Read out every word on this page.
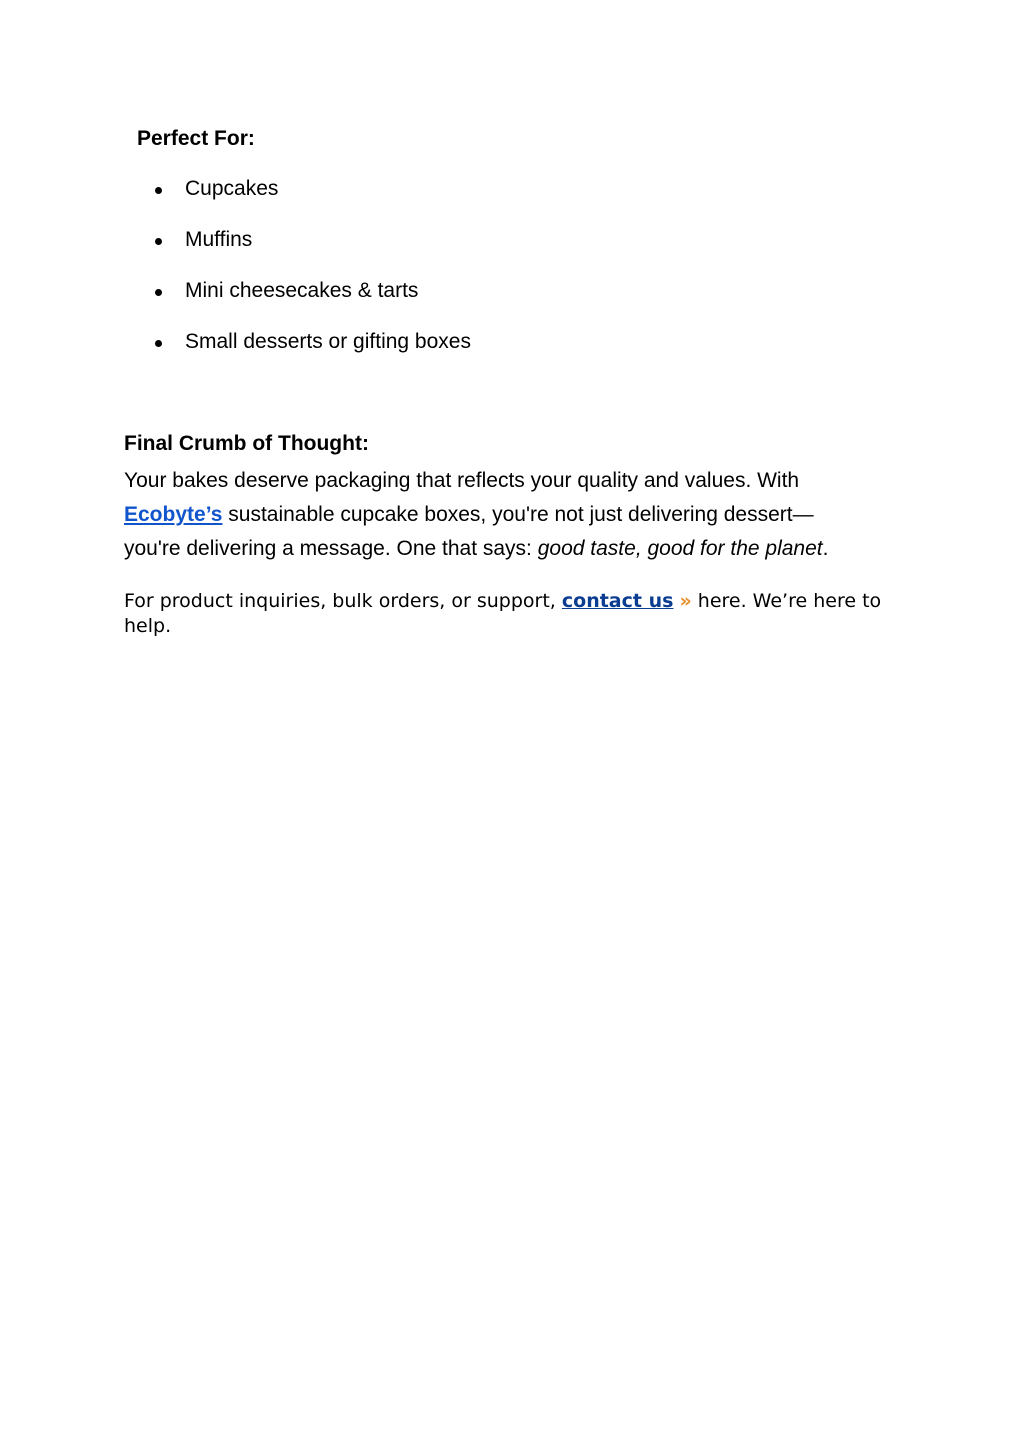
Perfect For:
Cupcakes
Muffins
Mini cheesecakes & tarts
Small desserts or gifting boxes
Final Crumb of Thought:

Your bakes deserve packaging that reflects your quality and values. With
Ecobyte’s sustainable cupcake boxes, you're not just delivering dessert—
you're delivering a message. One that says: good taste, good for the planet.

For product inquiries, bulk orders, or support, contact us » here. We’re here to help.
